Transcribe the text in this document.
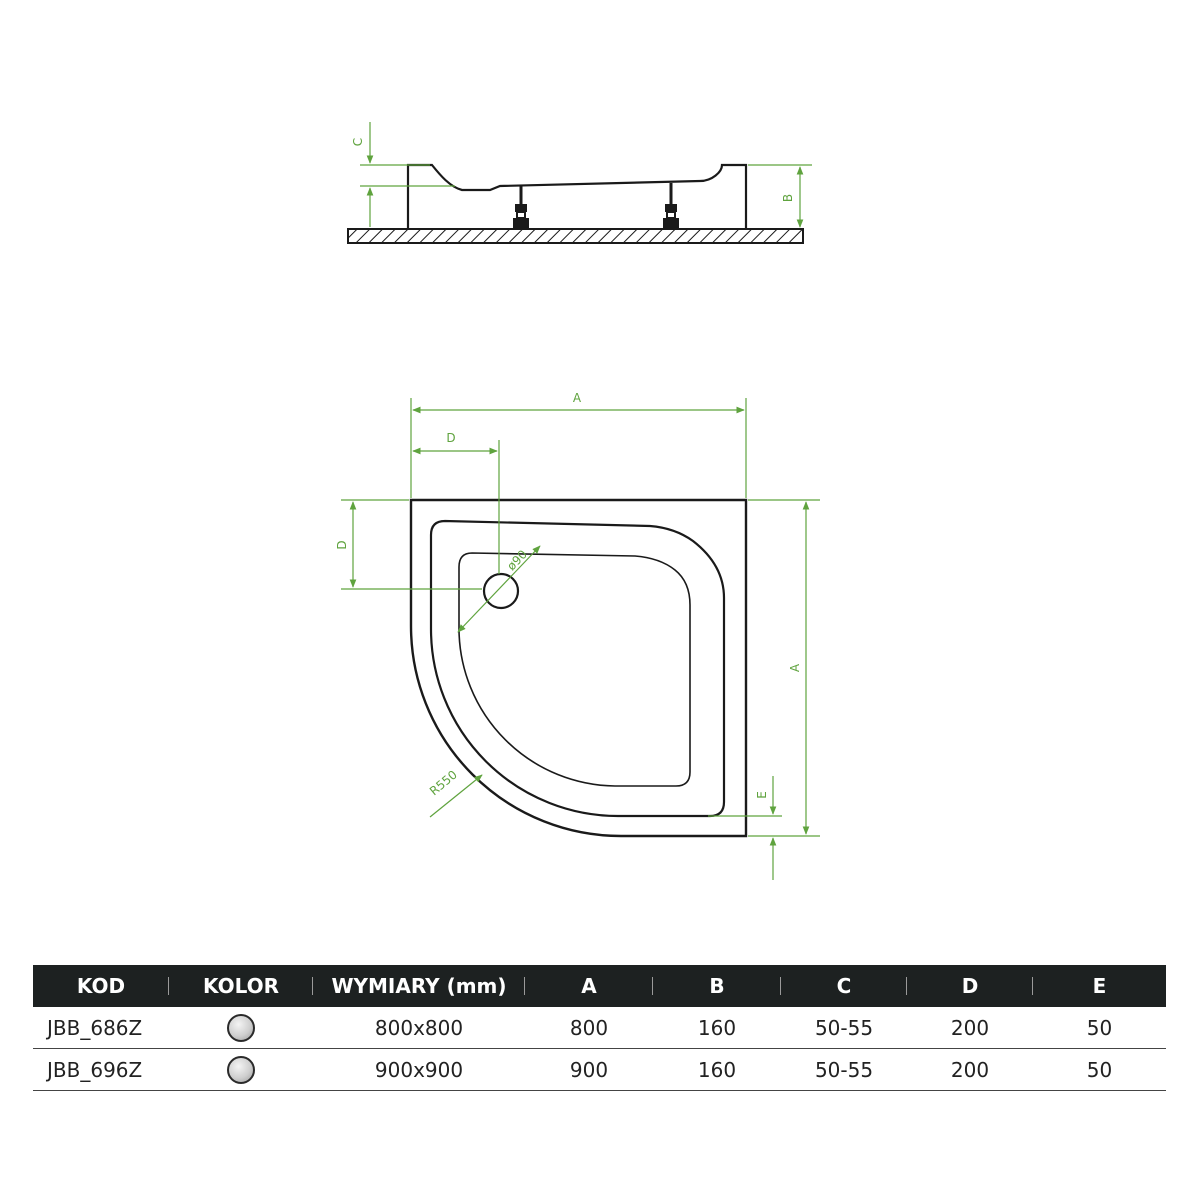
C
B
A
D
D
A
E
ø90
R550
KOD	KOLOR	WYMIARY (mm)	A	B	C	D	E
JBB_686Z		800x800	800	160	50-55	200	50
JBB_696Z		900x900	900	160	50-55	200	50
